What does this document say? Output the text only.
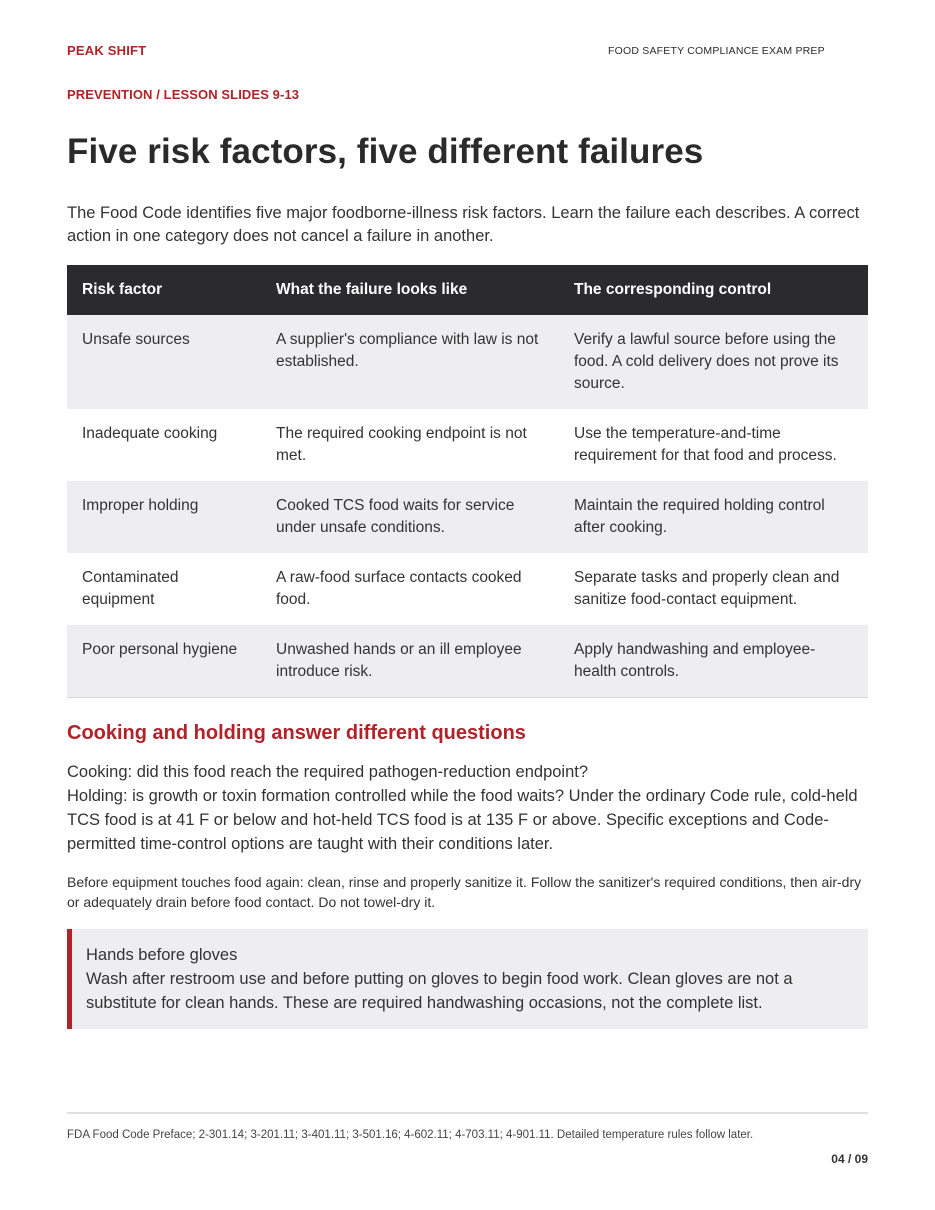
PEAK SHIFT	FOOD SAFETY COMPLIANCE EXAM PREP
PREVENTION / LESSON SLIDES 9-13
Five risk factors, five different failures

The Food Code identifies five major foodborne-illness risk factors. Learn the failure each describes. A correct action in one category does not cancel a failure in another.

Risk factor	What the failure looks like	The corresponding control
Unsafe sources	A supplier's compliance with law is not established.	Verify a lawful source before using the food. A cold delivery does not prove its source.
Inadequate cooking	The required cooking endpoint is not met.	Use the temperature-and-time requirement for that food and process.
Improper holding	Cooked TCS food waits for service under unsafe conditions.	Maintain the required holding control after cooking.
Contaminated equipment	A raw-food surface contacts cooked food.	Separate tasks and properly clean and sanitize food-contact equipment.
Poor personal hygiene	Unwashed hands or an ill employee introduce risk.	Apply handwashing and employee-health controls.
Cooking and holding answer different questions

Cooking: did this food reach the required pathogen-reduction endpoint?
Holding: is growth or toxin formation controlled while the food waits? Under the ordinary Code rule, cold-held TCS food is at 41 F or below and hot-held TCS food is at 135 F or above. Specific exceptions and Code-permitted time-control options are taught with their conditions later.

Before equipment touches food again: clean, rinse and properly sanitize it. Follow the sanitizer's required conditions, then air-dry or adequately drain before food contact. Do not towel-dry it.

Hands before gloves
Wash after restroom use and before putting on gloves to begin food work. Clean gloves are not a substitute for clean hands. These are required handwashing occasions, not the complete list.
FDA Food Code Preface; 2-301.14; 3-201.11; 3-401.11; 3-501.16; 4-602.11; 4-703.11; 4-901.11. Detailed temperature rules follow later.
04 / 09
